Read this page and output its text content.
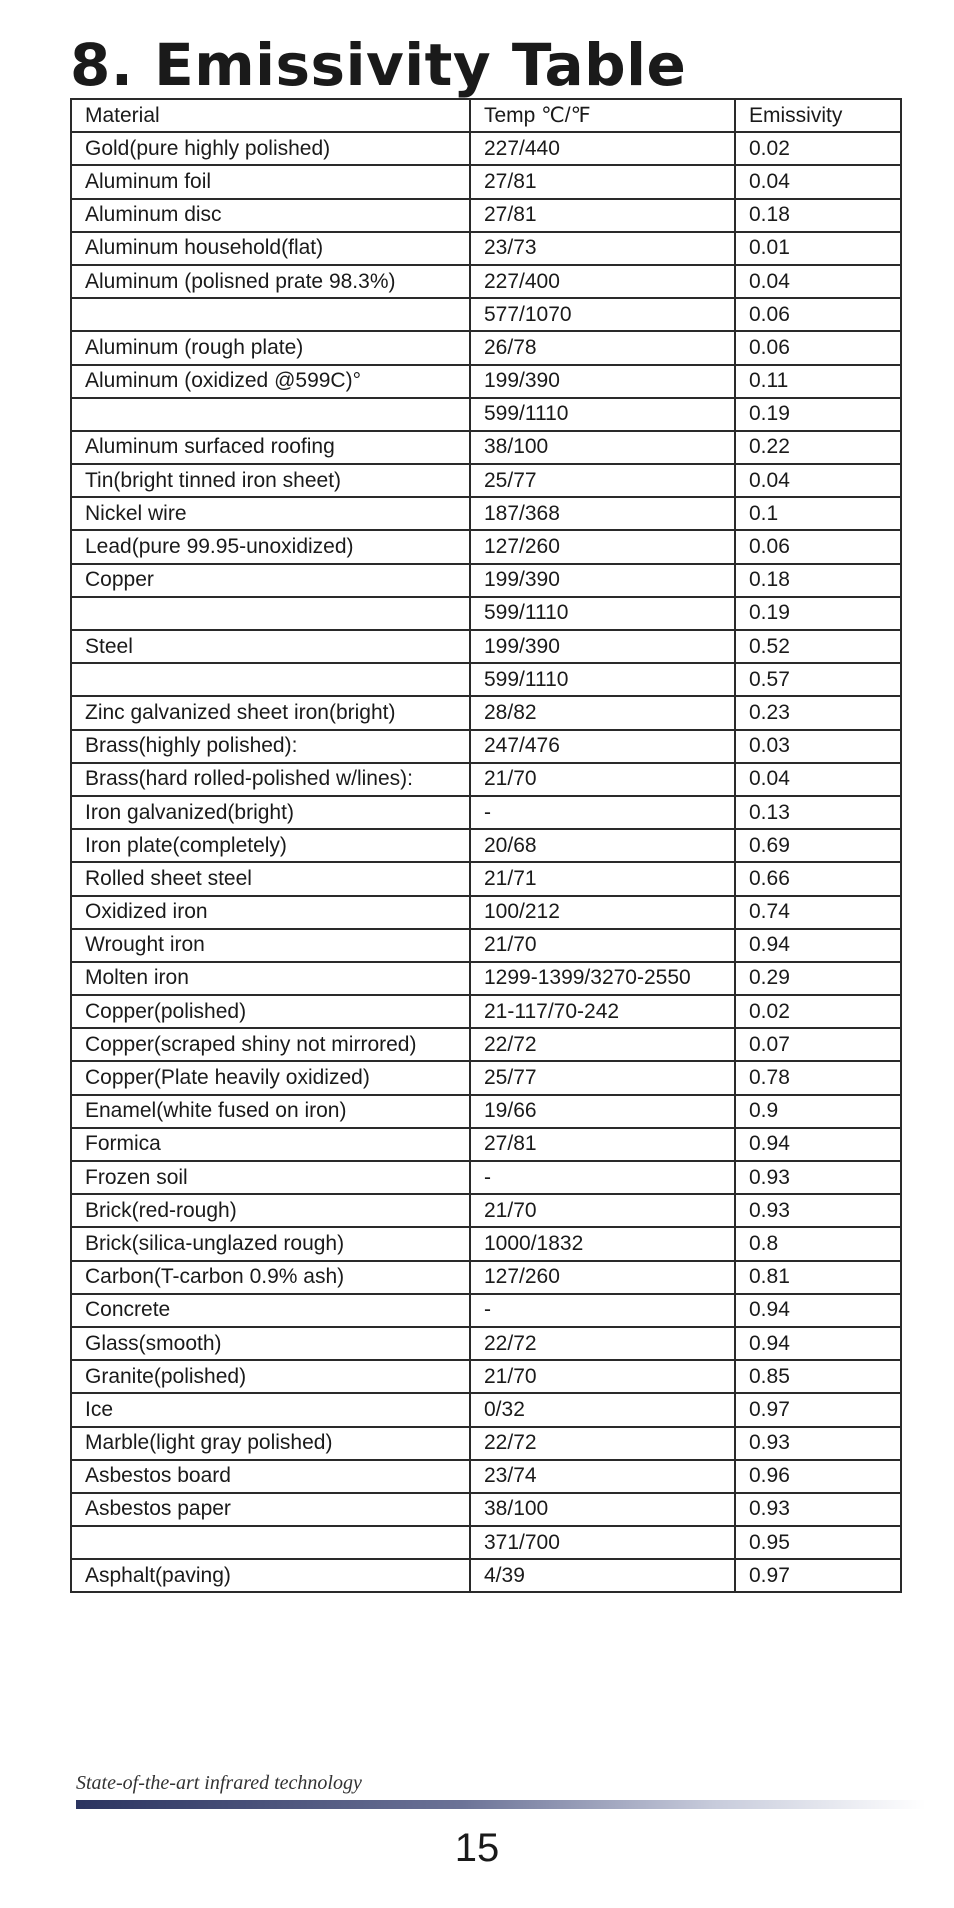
8. Emissivity Table
Material	Temp ℃/℉	Emissivity
Gold(pure highly polished)	227/440	0.02
Aluminum foil	27/81	0.04
Aluminum disc	27/81	0.18
Aluminum household(flat)	23/73	0.01
Aluminum (polisned prate 98.3%)	227/400	0.04
	577/1070	0.06
Aluminum (rough plate)	26/78	0.06
Aluminum (oxidized @599C)°	199/390	0.11
	599/1110	0.19
Aluminum surfaced roofing	38/100	0.22
Tin(bright tinned iron sheet)	25/77	0.04
Nickel wire	187/368	0.1
Lead(pure 99.95-unoxidized)	127/260	0.06
Copper	199/390	0.18
	599/1110	0.19
Steel	199/390	0.52
	599/1110	0.57
Zinc galvanized sheet iron(bright)	28/82	0.23
Brass(highly polished):	247/476	0.03
Brass(hard rolled-polished w/lines):	21/70	0.04
Iron galvanized(bright)	-	0.13
Iron plate(completely)	20/68	0.69
Rolled sheet steel	21/71	0.66
Oxidized iron	100/212	0.74
Wrought iron	21/70	0.94
Molten iron	1299-1399/3270-2550	0.29
Copper(polished)	21-117/70-242	0.02
Copper(scraped shiny not mirrored)	22/72	0.07
Copper(Plate heavily oxidized)	25/77	0.78
Enamel(white fused on iron)	19/66	0.9
Formica	27/81	0.94
Frozen soil	-	0.93
Brick(red-rough)	21/70	0.93
Brick(silica-unglazed rough)	1000/1832	0.8
Carbon(T-carbon 0.9% ash)	127/260	0.81
Concrete	-	0.94
Glass(smooth)	22/72	0.94
Granite(polished)	21/70	0.85
Ice	0/32	0.97
Marble(light gray polished)	22/72	0.93
Asbestos board	23/74	0.96
Asbestos paper	38/100	0.93
	371/700	0.95
Asphalt(paving)	4/39	0.97
State-of-the-art infrared technology
15
